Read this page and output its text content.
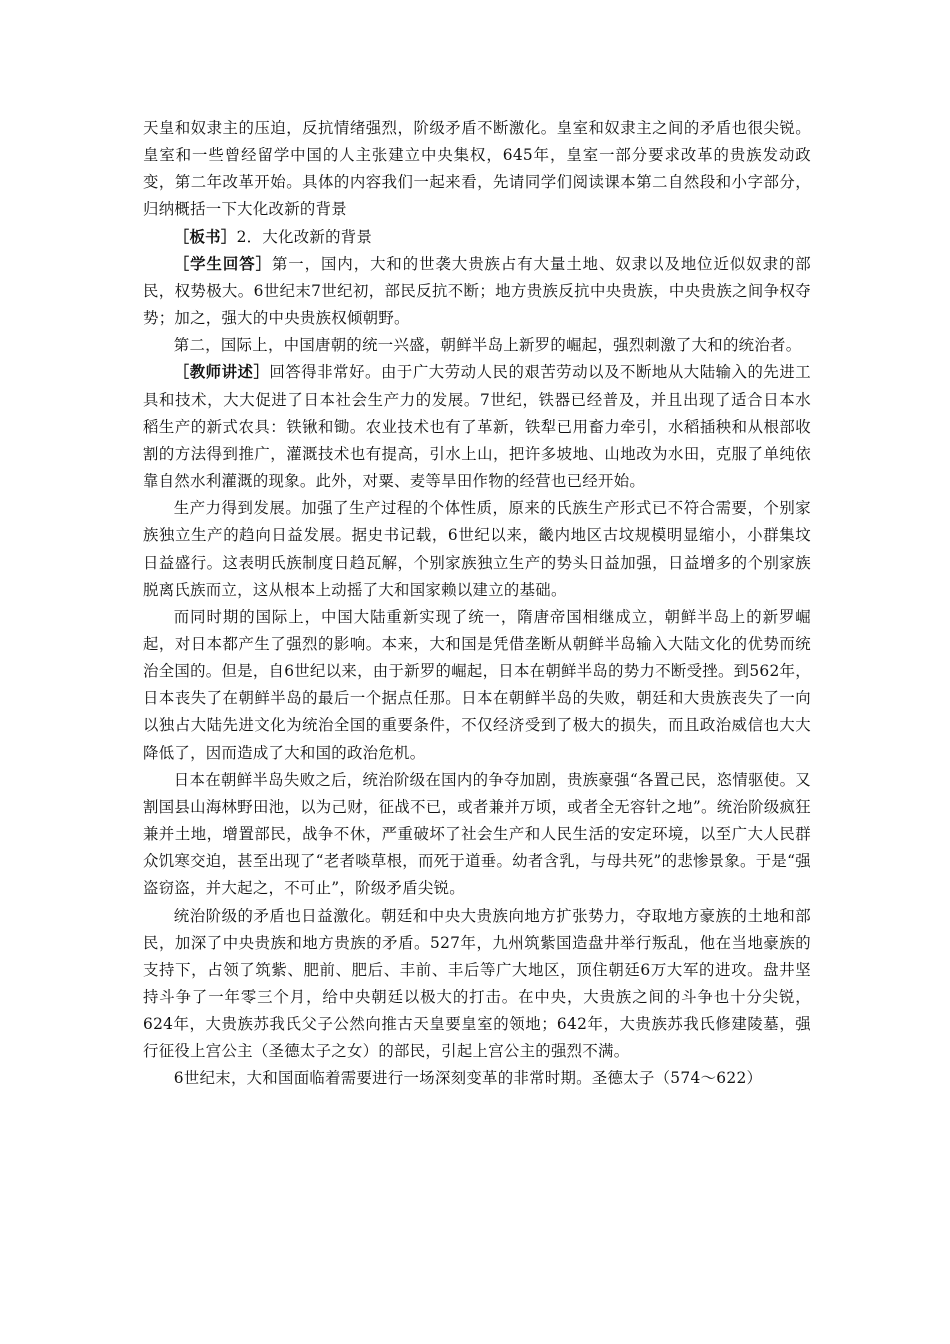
天皇和奴隶主的压迫，反抗情绪强烈，阶级矛盾不断激化。皇室和奴隶主之间的矛盾也很尖锐。皇室和一些曾经留学中国的人主张建立中央集权，645年，皇室一部分要求改革的贵族发动政变，第二年改革开始。具体的内容我们一起来看，先请同学们阅读课本第二自然段和小字部分，归纳概括一下大化改新的背景

［板书］2．大化改新的背景

［学生回答］第一，国内，大和的世袭大贵族占有大量土地、奴隶以及地位近似奴隶的部民，权势极大。6世纪末7世纪初，部民反抗不断；地方贵族反抗中央贵族，中央贵族之间争权夺势；加之，强大的中央贵族权倾朝野。

第二，国际上，中国唐朝的统一兴盛，朝鲜半岛上新罗的崛起，强烈刺激了大和的统治者。

［教师讲述］回答得非常好。由于广大劳动人民的艰苦劳动以及不断地从大陆输入的先进工具和技术，大大促进了日本社会生产力的发展。7世纪，铁器已经普及，并且出现了适合日本水稻生产的新式农具：铁锹和锄。农业技术也有了革新，铁犁已用畜力牵引，水稻插秧和从根部收割的方法得到推广，灌溉技术也有提高，引水上山，把许多坡地、山地改为水田，克服了单纯依靠自然水利灌溉的现象。此外，对粟、麦等旱田作物的经营也已经开始。

生产力得到发展。加强了生产过程的个体性质，原来的氏族生产形式已不符合需要，个别家族独立生产的趋向日益发展。据史书记载，6世纪以来，畿内地区古坟规模明显缩小，小群集坟日益盛行。这表明氏族制度日趋瓦解，个别家族独立生产的势头日益加强，日益增多的个别家族脱离氏族而立，这从根本上动摇了大和国家赖以建立的基础。

而同时期的国际上，中国大陆重新实现了统一，隋唐帝国相继成立，朝鲜半岛上的新罗崛起，对日本都产生了强烈的影响。本来，大和国是凭借垄断从朝鲜半岛输入大陆文化的优势而统治全国的。但是，自6世纪以来，由于新罗的崛起，日本在朝鲜半岛的势力不断受挫。到562年，日本丧失了在朝鲜半岛的最后一个据点任那。日本在朝鲜半岛的失败，朝廷和大贵族丧失了一向以独占大陆先进文化为统治全国的重要条件，不仅经济受到了极大的损失，而且政治威信也大大降低了，因而造成了大和国的政治危机。

日本在朝鲜半岛失败之后，统治阶级在国内的争夺加剧，贵族豪强“各置己民，恣情驱使。又割国县山海林野田池，以为己财，征战不已，或者兼并万顷，或者全无容针之地”。统治阶级疯狂兼并土地，增置部民，战争不休，严重破坏了社会生产和人民生活的安定环境，以至广大人民群众饥寒交迫，甚至出现了“老者啖草根，而死于道垂。幼者含乳，与母共死”的悲惨景象。于是“强盗窃盗，并大起之，不可止”，阶级矛盾尖锐。

统治阶级的矛盾也日益激化。朝廷和中央大贵族向地方扩张势力，夺取地方豪族的土地和部民，加深了中央贵族和地方贵族的矛盾。527年，九州筑紫国造盘井举行叛乱，他在当地豪族的支持下，占领了筑紫、肥前、肥后、丰前、丰后等广大地区，顶住朝廷6万大军的进攻。盘井坚持斗争了一年零三个月，给中央朝廷以极大的打击。在中央，大贵族之间的斗争也十分尖锐，624年，大贵族苏我氏父子公然向推古天皇要皇室的领地；642年，大贵族苏我氏修建陵墓，强行征役上宫公主（圣德太子之女）的部民，引起上宫公主的强烈不满。

6世纪末，大和国面临着需要进行一场深刻变革的非常时期。圣德太子（574～622）
